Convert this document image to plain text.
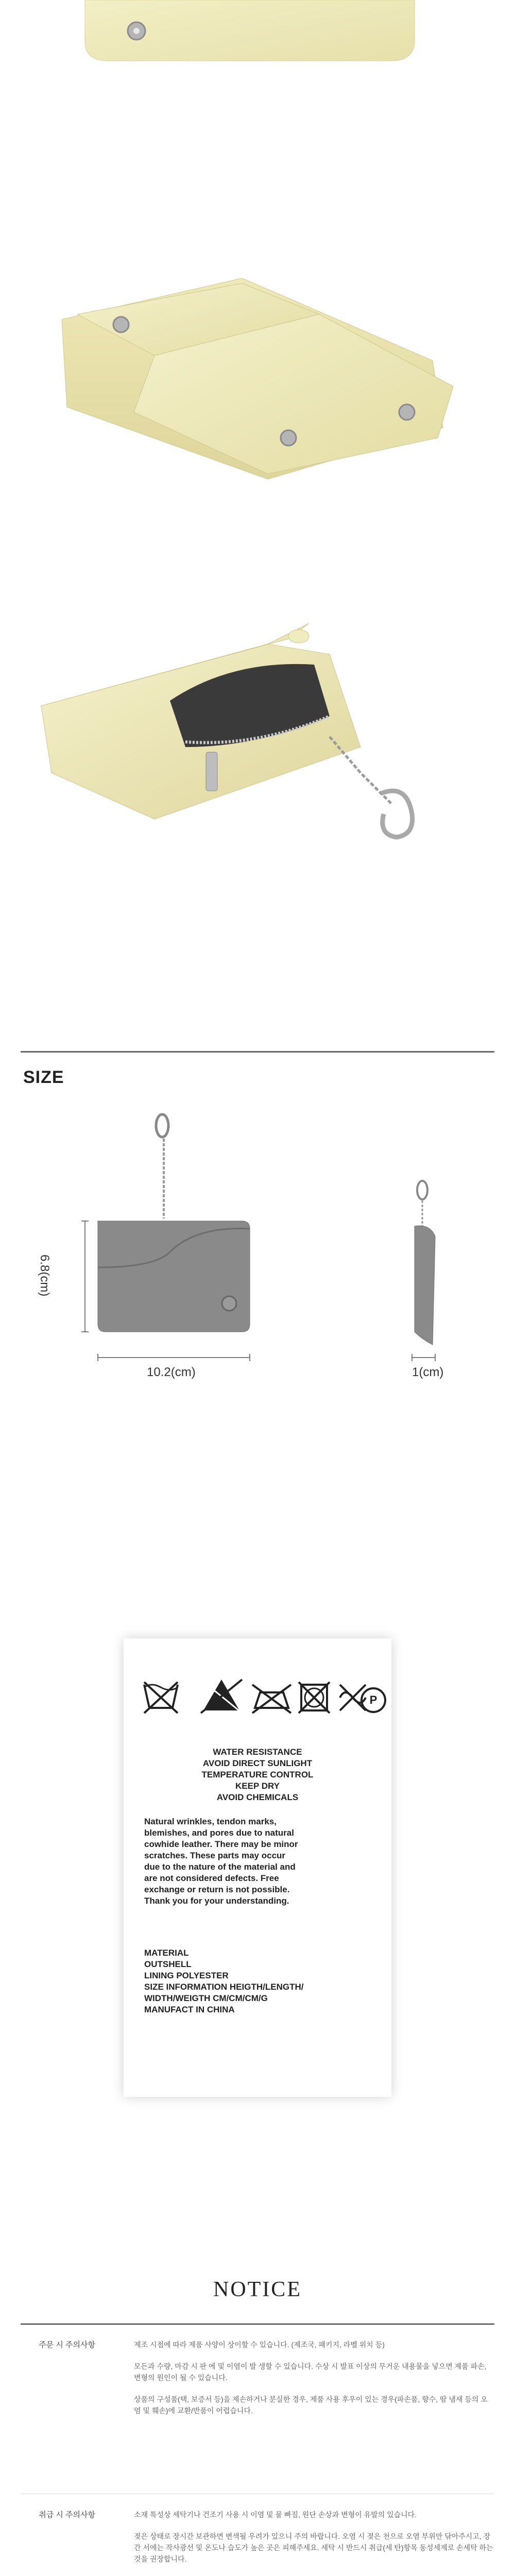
SIZE
6.8(cm)
10.2(cm)	1(cm)
P
WATER RESISTANCE
AVOID DIRECT SUNLIGHT
TEMPERATURE CONTROL
KEEP DRY
AVOID CHEMICALS
Natural wrinkles, tendon marks, blemishes, and pores due to natural cowhide leather. There may be minor scratches. These parts may occur due to the nature of the material and are not considered defects. Free exchange or return is not possible. Thank you for your understanding.
MATERIAL
OUTSHELL
LINING POLYESTER
SIZE INFORMATION HEIGTH/LENGTH/
WIDTH/WEIGTH CM/CM/CM/G
MANUFACT IN CHINA
NOTICE
주문 시 주의사항	제조 시점에 따라 제품 사양이 상이할 수 있습니다. (제조국, 패키지, 라벨 위치 등)

모든과 수량, 마감 시 판 에 및 이염이 발 생할 수 있습니다. 수상 시 발표 이상의 무거운 내용물을 넣으면 제품 파손, 변형의 원인이 될 수 있습니다.

상품의 구성품(택, 보증서 등)을 제손하거나 분실한 경우, 제품 사용 후우이 있는 경우(파손품, 향수, 땀 냄새 등의 오염 및 훼손)에 교환/반품이 어렵습니다.

취급 시 주의사항	소재 특성상 세탁기나 건조기 사용 시 이염 및 물 빠짐, 원단 손상과 변형이 유발의 있습니다.

젖은 상태로 장시간 보관하면 변색될 우려가 있으니 주의 바랍니다. 오염 시 젖은 천으로 오염 부위만 닦아주시고, 장간 서에는 작사광선 및 온도나 습도가 높은 곳은 피해주세요. 세탁 시 반드시 취급(세 탄)항목 동성세제로 손세탁 하는 것을 권장합니다.
